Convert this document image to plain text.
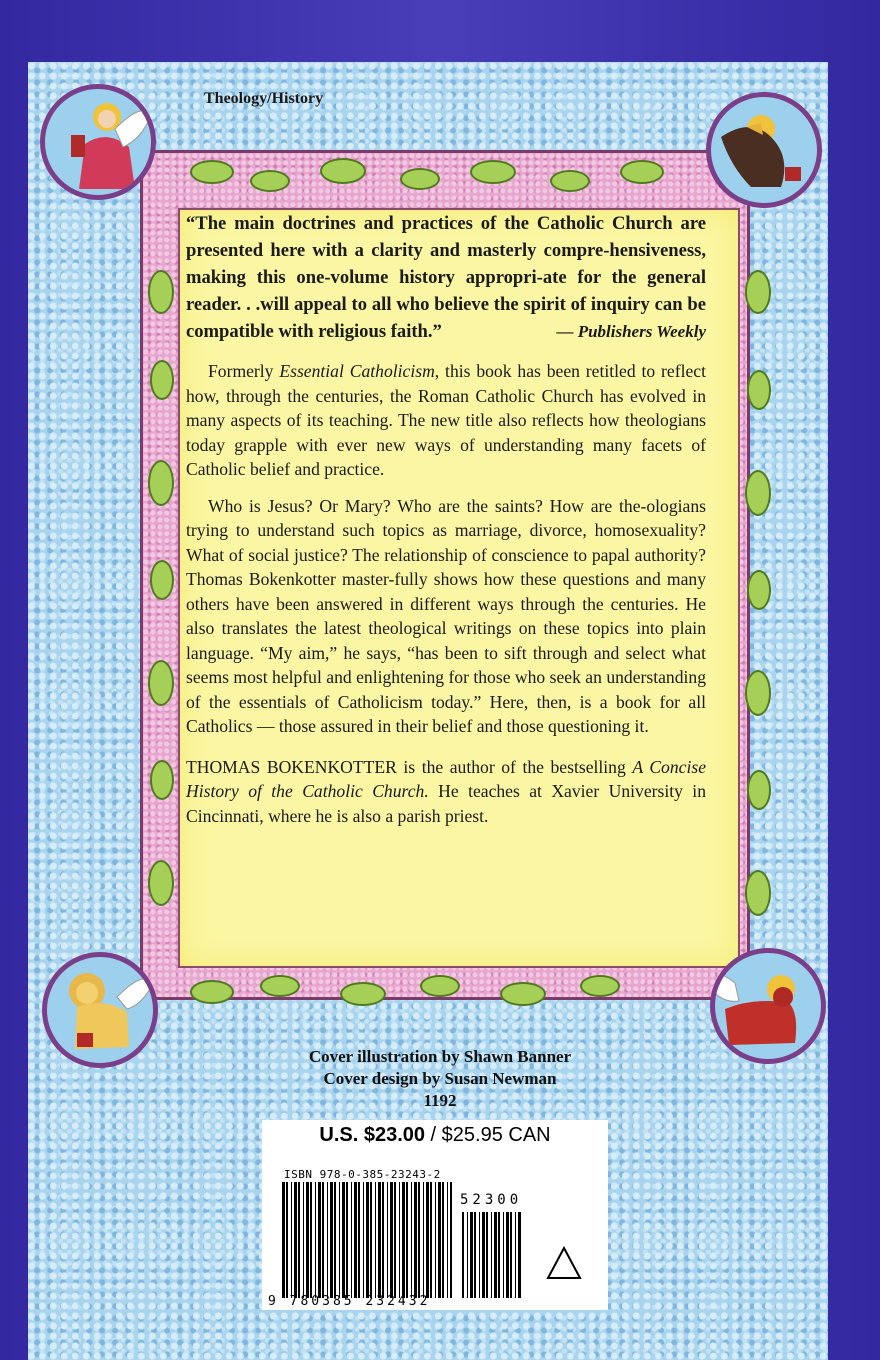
Theology/History

“The main doctrines and practices of the Catholic Church are presented here with a clarity and masterly compre-hensiveness, making this one-volume history appropri-ate for the general reader. . .will appeal to all who believe the spirit of inquiry can be compatible with religious faith.”	— Publishers Weekly

Formerly Essential Catholicism, this book has been retitled to reflect how, through the centuries, the Roman Catholic Church has evolved in many aspects of its teaching. The new title also reflects how theologians today grapple with ever new ways of understanding many facets of Catholic belief and practice.

Who is Jesus? Or Mary? Who are the saints? How are the-ologians trying to understand such topics as marriage, divorce, homosexuality? What of social justice? The relationship of conscience to papal authority? Thomas Bokenkotter master-fully shows how these questions and many others have been answered in different ways through the centuries. He also translates the latest theological writings on these topics into plain language. “My aim,” he says, “has been to sift through and select what seems most helpful and enlightening for those who seek an understanding of the essentials of Catholicism today.” Here, then, is a book for all Catholics — those assured in their belief and those questioning it.

THOMAS BOKENKOTTER is the author of the bestselling A Concise History of the Catholic Church. He teaches at Xavier University in Cincinnati, where he is also a parish priest.

Cover illustration by Shawn Banner
Cover design by Susan Newman
1192
U.S. $23.00 / $25.95 CAN
ISBN 978-0-385-23243-2
52300
9 780385 232432
